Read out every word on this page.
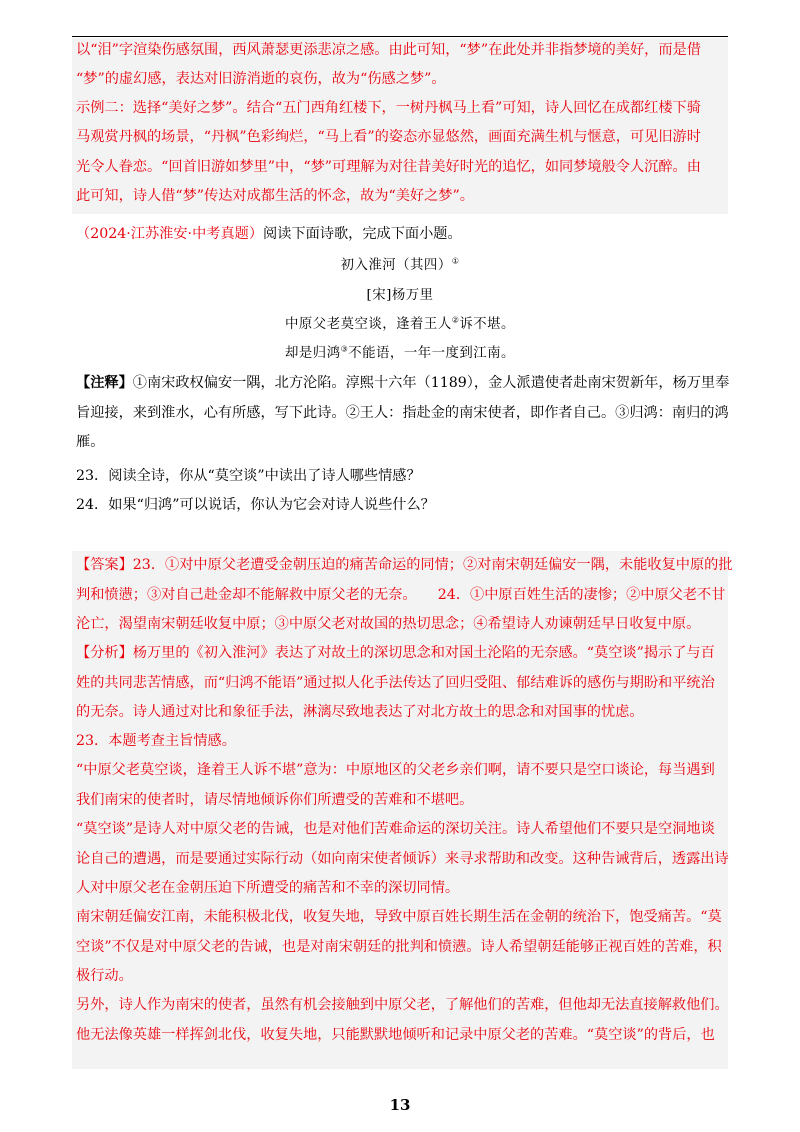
以“泪”字渲染伤感氛围，西风萧瑟更添悲凉之感。由此可知，“梦”在此处并非指梦境的美好，而是借
“梦”的虚幻感，表达对旧游消逝的哀伤，故为“伤感之梦”。
示例二：选择“美好之梦”。结合“五门西角红楼下，一树丹枫马上看”可知，诗人回忆在成都红楼下骑
马观赏丹枫的场景，“丹枫”色彩绚烂，“马上看”的姿态亦显悠然，画面充满生机与惬意，可见旧游时
光令人眷恋。“回首旧游如梦里”中，“梦”可理解为对往昔美好时光的追忆，如同梦境般令人沉醉。由
此可知，诗人借“梦”传达对成都生活的怀念，故为“美好之梦”。
（2024·江苏淮安·中考真题）阅读下面诗歌，完成下面小题。
初入淮河（其四）①
[宋]杨万里
中原父老莫空谈，逢着王人②诉不堪。
却是归鸿③不能语，一年一度到江南。
【注释】①南宋政权偏安一隅，北方沦陷。淳熙十六年（1189），金人派遣使者赴南宋贺新年，杨万里奉
旨迎接，来到淮水，心有所感，写下此诗。②王人：指赴金的南宋使者，即作者自己。③归鸿：南归的鸿
雁。
23．阅读全诗，你从“莫空谈”中读出了诗人哪些情感？
24．如果“归鸿”可以说话，你认为它会对诗人说些什么？
【答案】23．①对中原父老遭受金朝压迫的痛苦命运的同情；②对南宋朝廷偏安一隅，未能收复中原的批
判和愤懑；③对自己赴金却不能解救中原父老的无奈。　　24．①中原百姓生活的凄惨；②中原父老不甘
沦亡，渴望南宋朝廷收复中原；③中原父老对故国的热切思念；④希望诗人劝谏朝廷早日收复中原。
【分析】杨万里的《初入淮河》表达了对故土的深切思念和对国土沦陷的无奈感。“莫空谈”揭示了与百
姓的共同悲苦情感，而“归鸿不能语”通过拟人化手法传达了回归受阻、郁结难诉的感伤与期盼和平统治
的无奈。诗人通过对比和象征手法，淋漓尽致地表达了对北方故土的思念和对国事的忧虑。
23．本题考查主旨情感。
“中原父老莫空谈，逢着王人诉不堪”意为：中原地区的父老乡亲们啊，请不要只是空口谈论，每当遇到
我们南宋的使者时，请尽情地倾诉你们所遭受的苦难和不堪吧。
“莫空谈”是诗人对中原父老的告诫，也是对他们苦难命运的深切关注。诗人希望他们不要只是空洞地谈
论自己的遭遇，而是要通过实际行动（如向南宋使者倾诉）来寻求帮助和改变。这种告诫背后，透露出诗
人对中原父老在金朝压迫下所遭受的痛苦和不幸的深切同情。
南宋朝廷偏安江南，未能积极北伐，收复失地，导致中原百姓长期生活在金朝的统治下，饱受痛苦。“莫
空谈”不仅是对中原父老的告诫，也是对南宋朝廷的批判和愤懑。诗人希望朝廷能够正视百姓的苦难，积
极行动。
另外，诗人作为南宋的使者，虽然有机会接触到中原父老，了解他们的苦难，但他却无法直接解救他们。
他无法像英雄一样挥剑北伐，收复失地，只能默默地倾听和记录中原父老的苦难。“莫空谈”的背后，也
13
